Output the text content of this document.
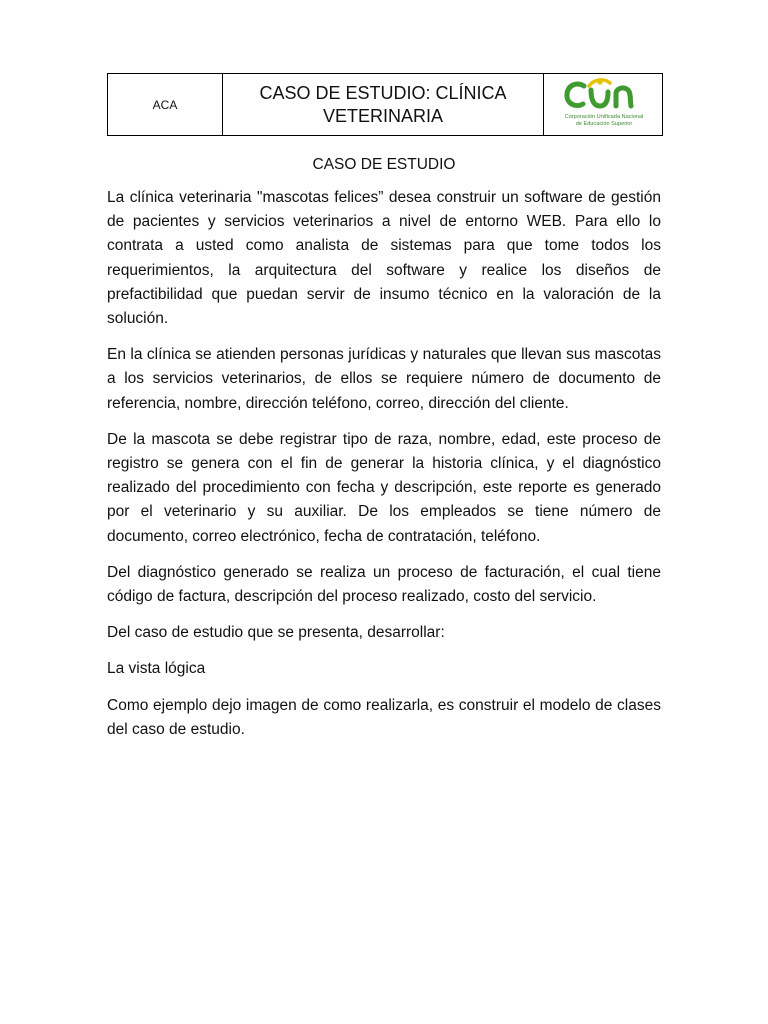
ACA	CASO DE ESTUDIO: CLÍNICA VETERINARIA	Corporación Unificada Nacional
de Educación Superior
CASO DE ESTUDIO

La clínica veterinaria "mascotas felices” desea construir un software de gestión de pacientes y servicios veterinarios a nivel de entorno WEB. Para ello lo contrata a usted como analista de sistemas para que tome todos los requerimientos, la arquitectura del software y realice los diseños de prefactibilidad que puedan servir de insumo técnico en la valoración de la solución.

En la clínica se atienden personas jurídicas y naturales que llevan sus mascotas a los servicios veterinarios, de ellos se requiere número de documento de referencia, nombre, dirección teléfono, correo, dirección del cliente.

De la mascota se debe registrar tipo de raza, nombre, edad, este proceso de registro se genera con el fin de generar la historia clínica, y el diagnóstico realizado del procedimiento con fecha y descripción, este reporte es generado por el veterinario y su auxiliar. De los empleados se tiene número de documento, correo electrónico, fecha de contratación, teléfono.

Del diagnóstico generado se realiza un proceso de facturación, el cual tiene código de factura, descripción del proceso realizado, costo del servicio.

Del caso de estudio que se presenta, desarrollar:

La vista lógica

Como ejemplo dejo imagen de como realizarla, es construir el modelo de clases del caso de estudio.
